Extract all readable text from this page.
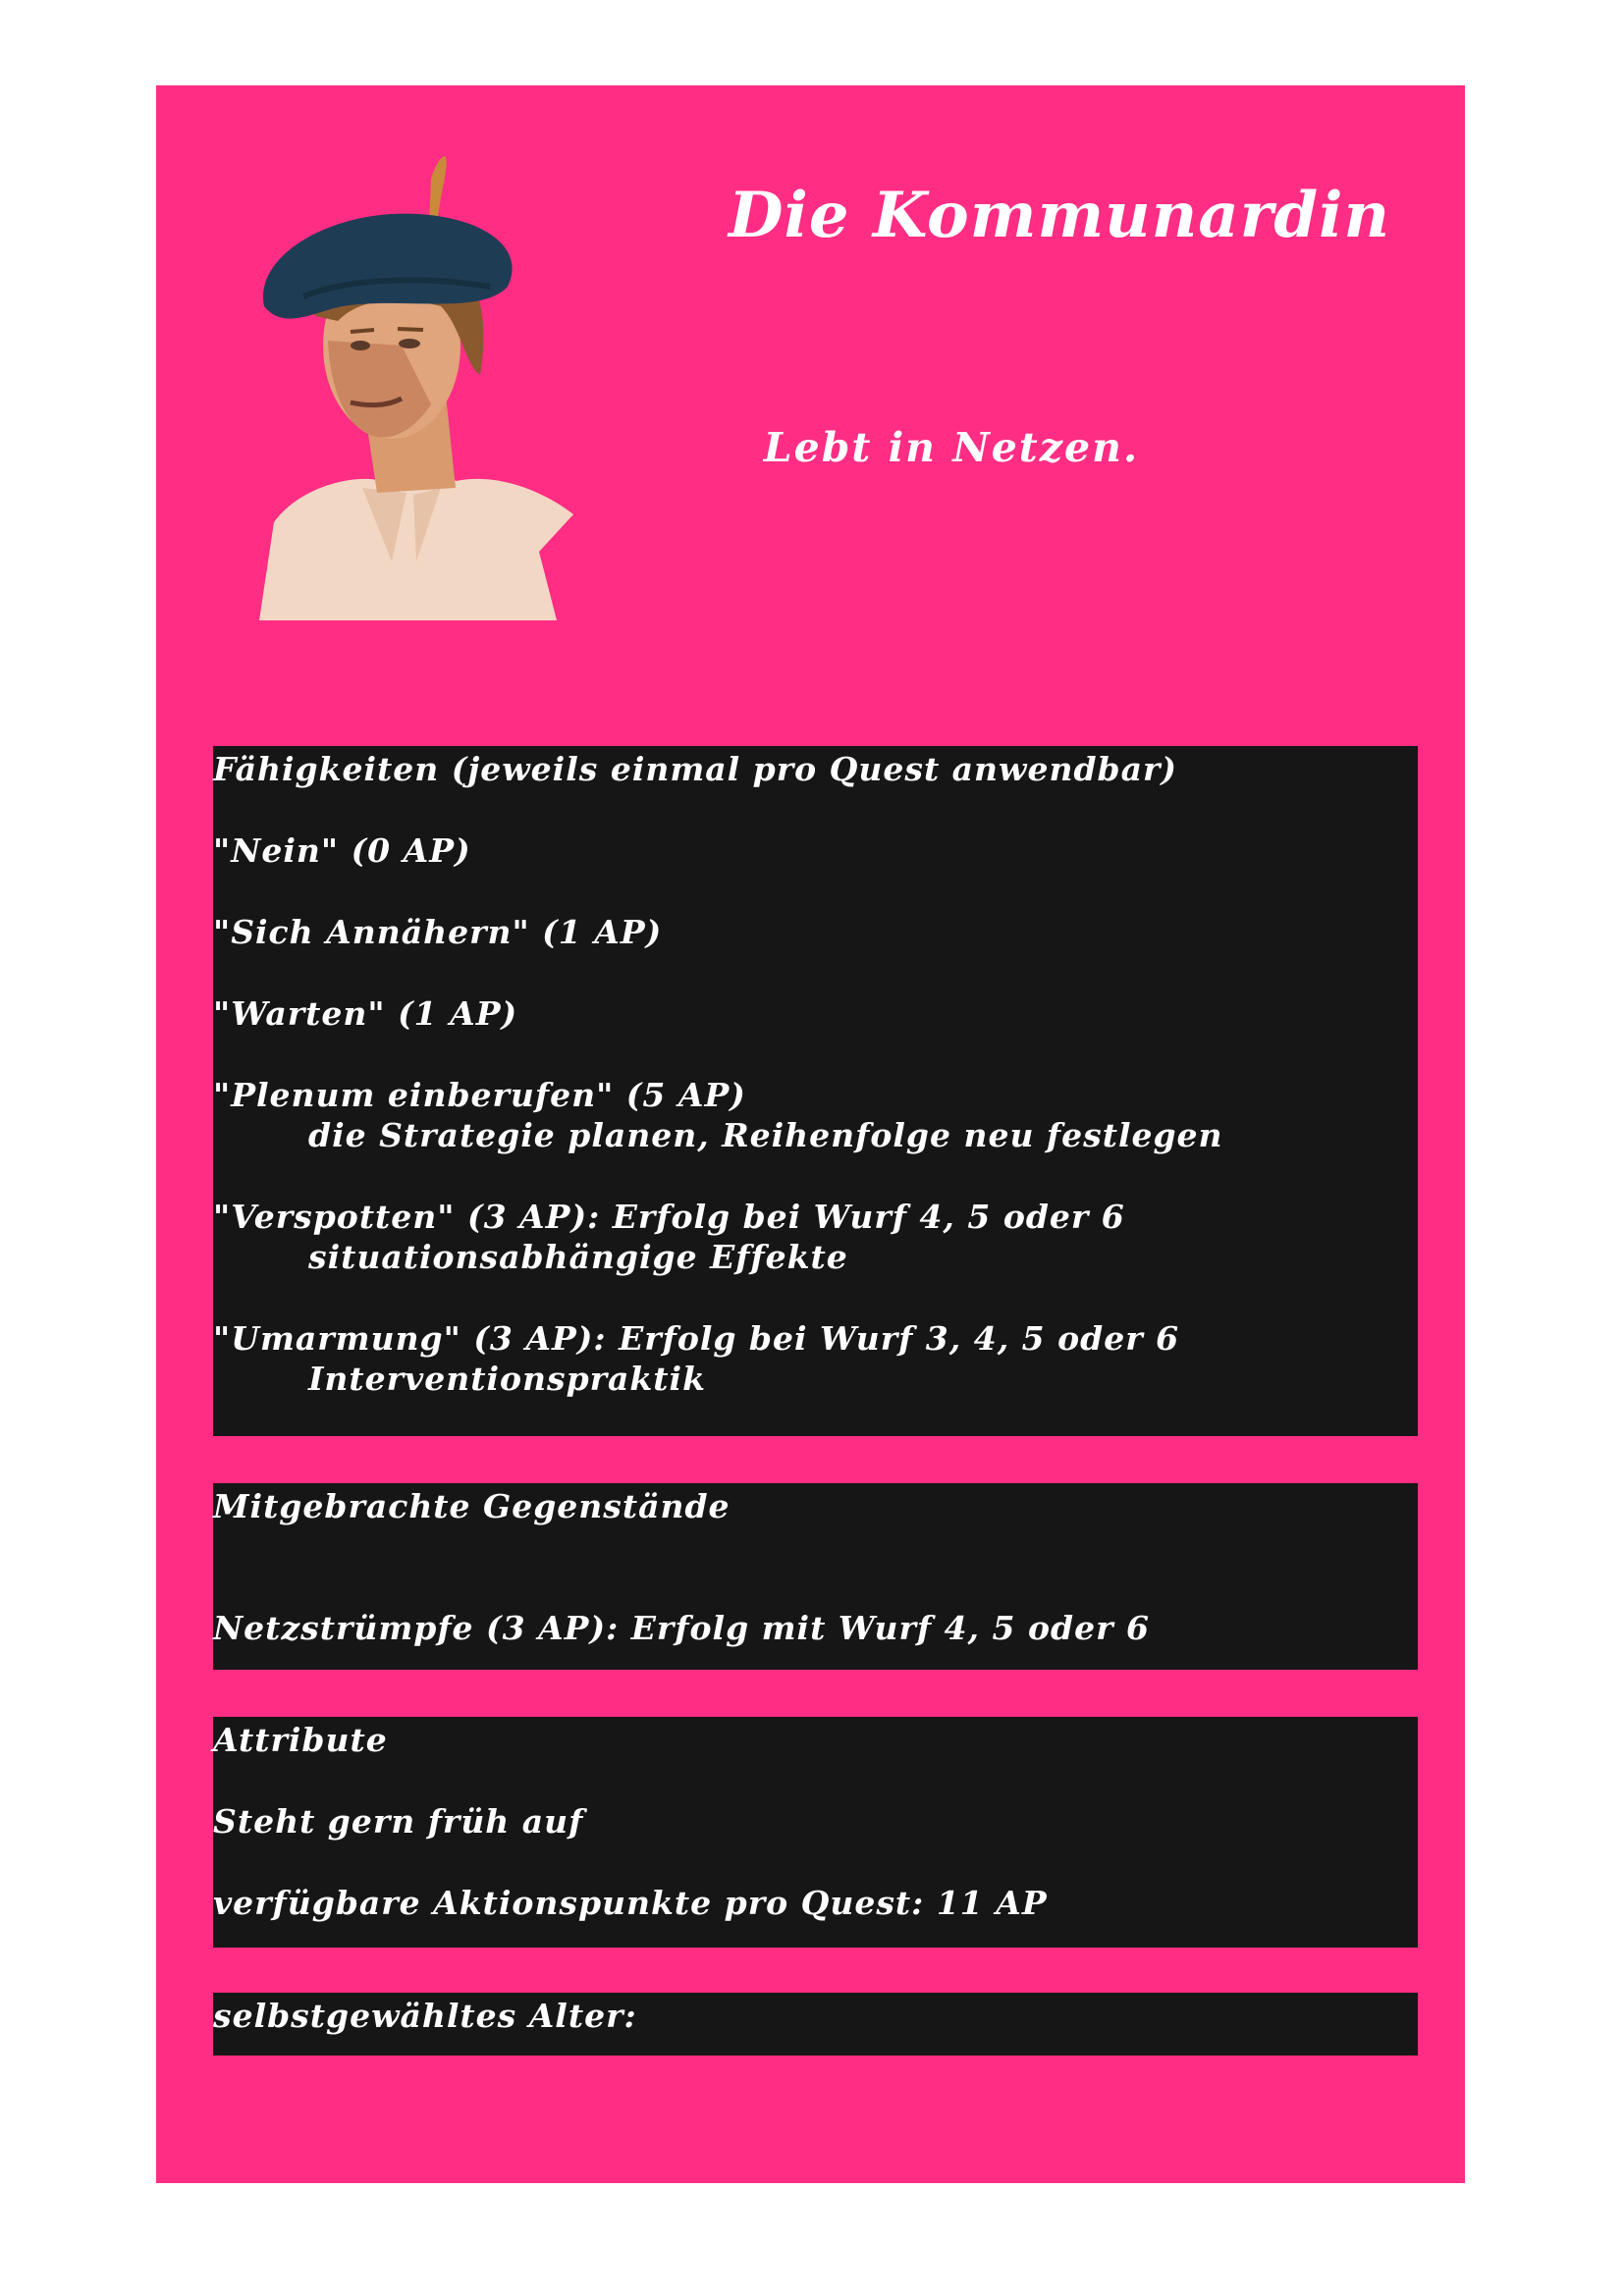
Die Kommunardin
Lebt in Netzen.
Fähigkeiten (jeweils einmal pro Quest anwendbar)
"Nein" (0 AP)
"Sich Annähern" (1 AP)
"Warten" (1 AP)
"Plenum einberufen" (5 AP)
die Strategie planen, Reihenfolge neu festlegen
"Verspotten" (3 AP): Erfolg bei Wurf 4, 5 oder 6
situationsabhängige Effekte
"Umarmung" (3 AP): Erfolg bei Wurf 3, 4, 5 oder 6
Interventionspraktik
Mitgebrachte Gegenstände
Netzstrümpfe (3 AP): Erfolg mit Wurf 4, 5 oder 6
Attribute
Steht gern früh auf
verfügbare Aktionspunkte pro Quest: 11 AP
selbstgewähltes Alter:
